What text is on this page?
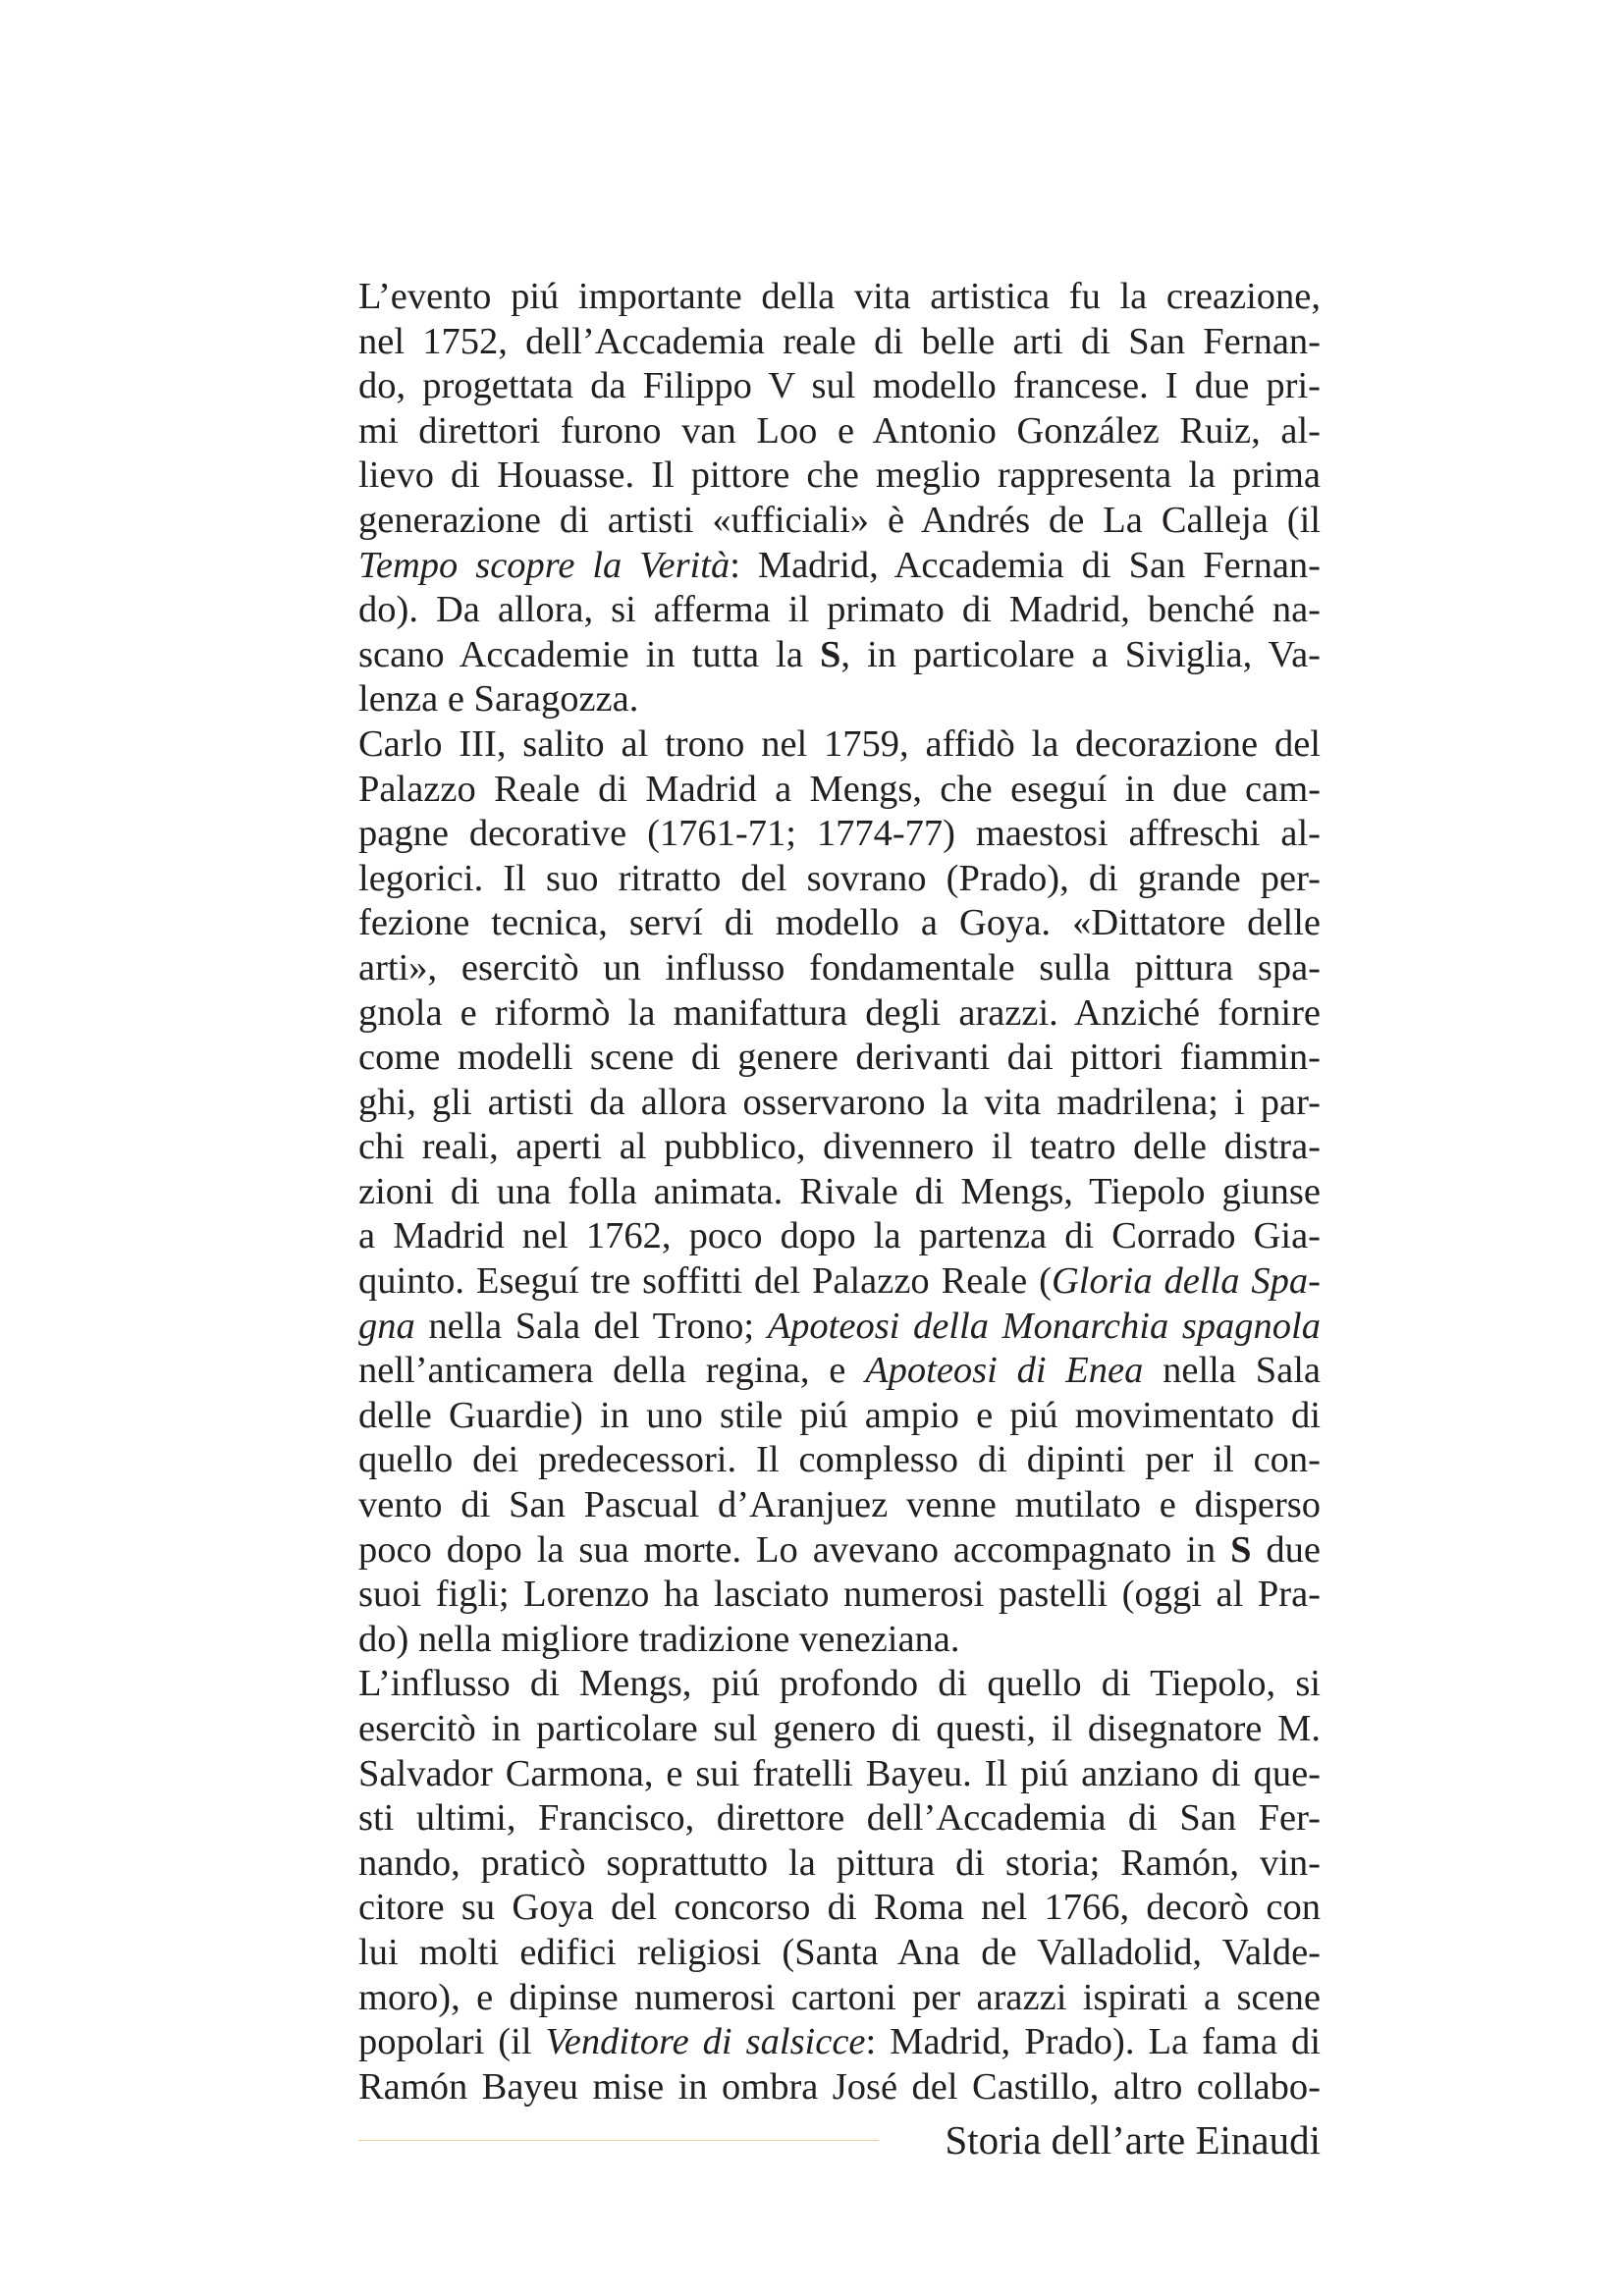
L’evento piú importante della vita artistica fu la creazione,
nel 1752, dell’Accademia reale di belle arti di San Fernan-
do, progettata da Filippo V sul modello francese. I due pri-
mi direttori furono van Loo e Antonio González Ruiz, al-
lievo di Houasse. Il pittore che meglio rappresenta la prima
generazione di artisti «ufficiali» è Andrés de La Calleja (il
Tempo scopre la Verità: Madrid, Accademia di San Fernan-
do). Da allora, si afferma il primato di Madrid, benché na-
scano Accademie in tutta la S, in particolare a Siviglia, Va-
lenza e Saragozza.
Carlo III, salito al trono nel 1759, affidò la decorazione del
Palazzo Reale di Madrid a Mengs, che eseguí in due cam-
pagne decorative (1761-71; 1774-77) maestosi affreschi al-
legorici. Il suo ritratto del sovrano (Prado), di grande per-
fezione tecnica, serví di modello a Goya. «Dittatore delle
arti», esercitò un influsso fondamentale sulla pittura spa-
gnola e riformò la manifattura degli arazzi. Anziché fornire
come modelli scene di genere derivanti dai pittori fiammin-
ghi, gli artisti da allora osservarono la vita madrilena; i par-
chi reali, aperti al pubblico, divennero il teatro delle distra-
zioni di una folla animata. Rivale di Mengs, Tiepolo giunse
a Madrid nel 1762, poco dopo la partenza di Corrado Gia-
quinto. Eseguí tre soffitti del Palazzo Reale (Gloria della Spa-
gna nella Sala del Trono; Apoteosi della Monarchia spagnola
nell’anticamera della regina, e Apoteosi di Enea nella Sala
delle Guardie) in uno stile piú ampio e piú movimentato di
quello dei predecessori. Il complesso di dipinti per il con-
vento di San Pascual d’Aranjuez venne mutilato e disperso
poco dopo la sua morte. Lo avevano accompagnato in S due
suoi figli; Lorenzo ha lasciato numerosi pastelli (oggi al Pra-
do) nella migliore tradizione veneziana.
L’influsso di Mengs, piú profondo di quello di Tiepolo, si
esercitò in particolare sul genero di questi, il disegnatore M.
Salvador Carmona, e sui fratelli Bayeu. Il piú anziano di que-
sti ultimi, Francisco, direttore dell’Accademia di San Fer-
nando, praticò soprattutto la pittura di storia; Ramón, vin-
citore su Goya del concorso di Roma nel 1766, decorò con
lui molti edifici religiosi (Santa Ana de Valladolid, Valde-
moro), e dipinse numerosi cartoni per arazzi ispirati a scene
popolari (il Venditore di salsicce: Madrid, Prado). La fama di
Ramón Bayeu mise in ombra José del Castillo, altro collabo-
Storia dell’arte Einaudi
